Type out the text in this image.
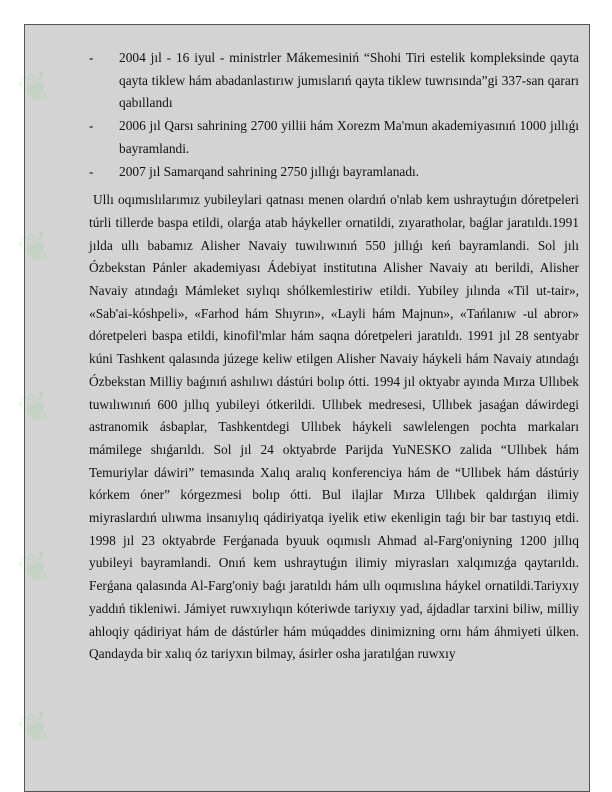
❦
❦
❦
❦
❦
- 2004 jıl - 16 iyul - ministrler Mákemesiniń “Shohi Tiri estelik kompleksinde qayta qayta tiklew hám abadanlastırıw jumıslarıń qayta tiklew tuwrısında”gi 337-san qararı qabıllandı
- 2006 jıl Qarsı sahrining 2700 yillii hám Xorezm Ma'mun akademiyasınıń 1000 jıllıǵı bayramlandi.
- 2007 jıl Samarqand sahrining 2750 jıllıǵı bayramlanadı.
Ullı oqımıslılarımız yubileylari qatnası menen olardıń o'nlab kem ushraytuǵın dóretpeleri túrli tillerde baspa etildi, olarǵa atab háykeller ornatildi, zıyaratholar, baǵlar jaratıldı.1991 jılda ullı babamız Alisher Navaiy tuwılıwınıń 550 jıllıǵı keń bayramlandi. Sol jılı Ózbekstan Pánler akademiyası Ádebiyat institutına Alisher Navaiy atı berildi, Alisher Navaiy atındaǵı Mámleket sıylıqı shólkemlestiriw etildi. Yubiley jılında «Til ut-tair», «Sab'ai-kóshpeli», «Farhod hám Shıyrın», «Layli hám Majnun», «Tańlanıw -ul abror» dóretpeleri baspa etildi, kinofil'mlar hám saqna dóretpeleri jaratıldı. 1991 jıl 28 sentyabr kúni Tashkent qalasında júzege keliw etilgen Alisher Navaiy háykeli hám Navaiy atındaǵı Ózbekstan Milliy baǵınıń ashılıwı dástúri bolıp ótti. 1994 jıl oktyabr ayında Mırza Ullıbek tuwılıwınıń 600 jıllıq yubileyi ótkerildi. Ullıbek medresesi, Ullıbek jasaǵan dáwirdegi astranomik ásbaplar, Tashkentdegi Ullıbek háykeli sawlelengen pochta markaları mámilege shıǵarıldı. Sol jıl 24 oktyabrde Parijda YuNESKO zalida “Ullıbek hám Temuriylar dáwiri” temasında Xalıq aralıq konferenciya hám de “Ullıbek hám dástúriy kórkem óner” kórgezmesi bolıp ótti. Bul ilajlar Mırza Ullıbek qaldırǵan ilimiy miyraslardıń ulıwma insanıylıq qádiriyatqa iyelik etiw ekenligin taǵı bir bar tastıyıq etdi. 1998 jıl 23 oktyabrde Ferǵanada byuuk oqımıslı Ahmad al-Farg'oniyning 1200 jıllıq yubileyi bayramlandi. Onıń kem ushraytuǵın ilimiy miyrasları xalqımızǵa qaytarıldı. Ferǵana qalasında Al-Farg'oniy baǵı jaratıldı hám ullı oqımıslına háykel ornatildi.Tariyxıy yaddıń tikleniwi. Jámiyet ruwxıylıqın kóteriwde tariyxıy yad, ájdadlar tarxini biliw, milliy ahloqiy qádiriyat hám de dástúrler hám múqaddes dinimizning ornı hám áhmiyeti úlken. Qandayda bir xalıq óz tariyxın bilmay, ásirler osha jaratılǵan ruwxıy
